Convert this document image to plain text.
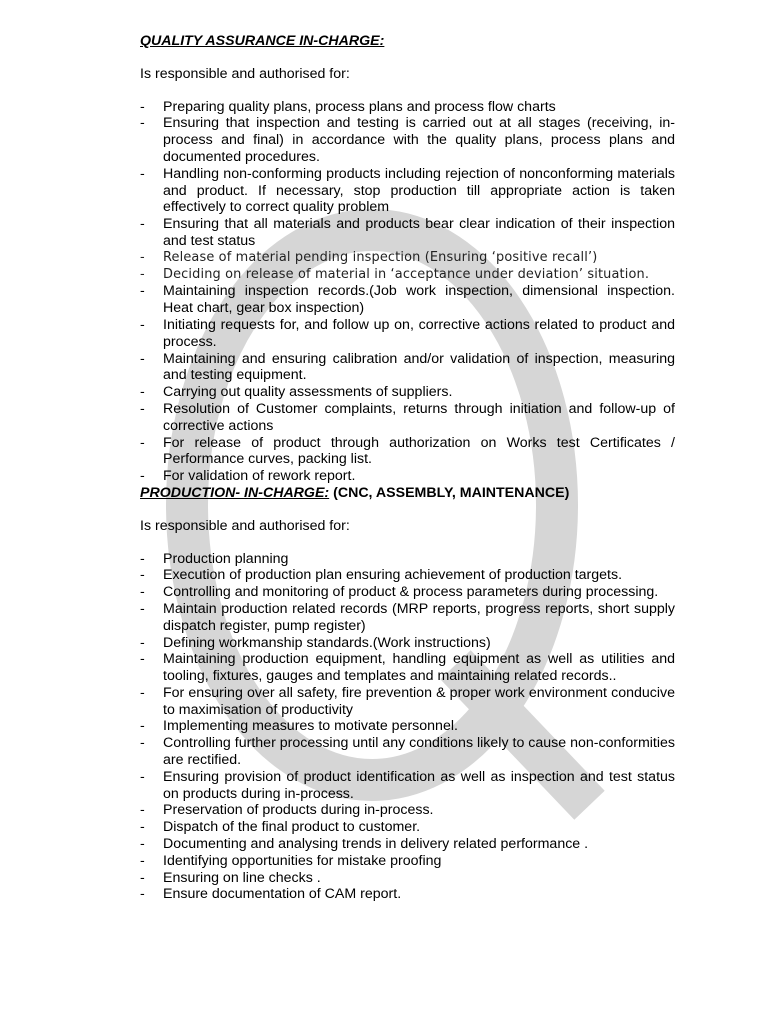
QUALITY ASSURANCE IN-CHARGE:

Is responsible and authorised for:

- Preparing quality plans, process plans and process flow charts
- Ensuring that inspection and testing is carried out at all stages (receiving, in-process and final) in accordance with the quality plans, process plans and documented procedures.
- Handling non-conforming products including rejection of nonconforming materials and product. If necessary, stop production till appropriate action is taken effectively to correct quality problem
- Ensuring that all materials and products bear clear indication of their inspection and test status
- Release of material pending inspection (Ensuring ‘positive recall’)
- Deciding on release of material in ‘acceptance under deviation’ situation.
- Maintaining inspection records.(Job work inspection, dimensional inspection. Heat chart, gear box inspection)
- Initiating requests for, and follow up on, corrective actions related to product and process.
- Maintaining and ensuring calibration and/or validation of inspection, measuring and testing equipment.
- Carrying out quality assessments of suppliers.
- Resolution of Customer complaints, returns through initiation and follow-up of corrective actions
- For release of product through authorization on Works test Certificates / Performance curves, packing list.
- For validation of rework report.

PRODUCTION- IN-CHARGE: (CNC, ASSEMBLY, MAINTENANCE)

Is responsible and authorised for:

- Production planning
- Execution of production plan ensuring achievement of production targets.
- Controlling and monitoring of product & process parameters during processing.
- Maintain production related records (MRP reports, progress reports, short supply dispatch register, pump register)
- Defining workmanship standards.(Work instructions)
- Maintaining production equipment, handling equipment as well as utilities and tooling, fixtures, gauges and templates and maintaining related records..
- For ensuring over all safety, fire prevention & proper work environment conducive to maximisation of productivity
- Implementing measures to motivate personnel.
- Controlling further processing until any conditions likely to cause non-conformities are rectified.
- Ensuring provision of product identification as well as inspection and test status on products during in-process.
- Preservation of products during in-process.
- Dispatch of the final product to customer.
- Documenting and analysing trends in delivery related performance .
- Identifying opportunities for mistake proofing
- Ensuring on line checks .
- Ensure documentation of CAM report.
